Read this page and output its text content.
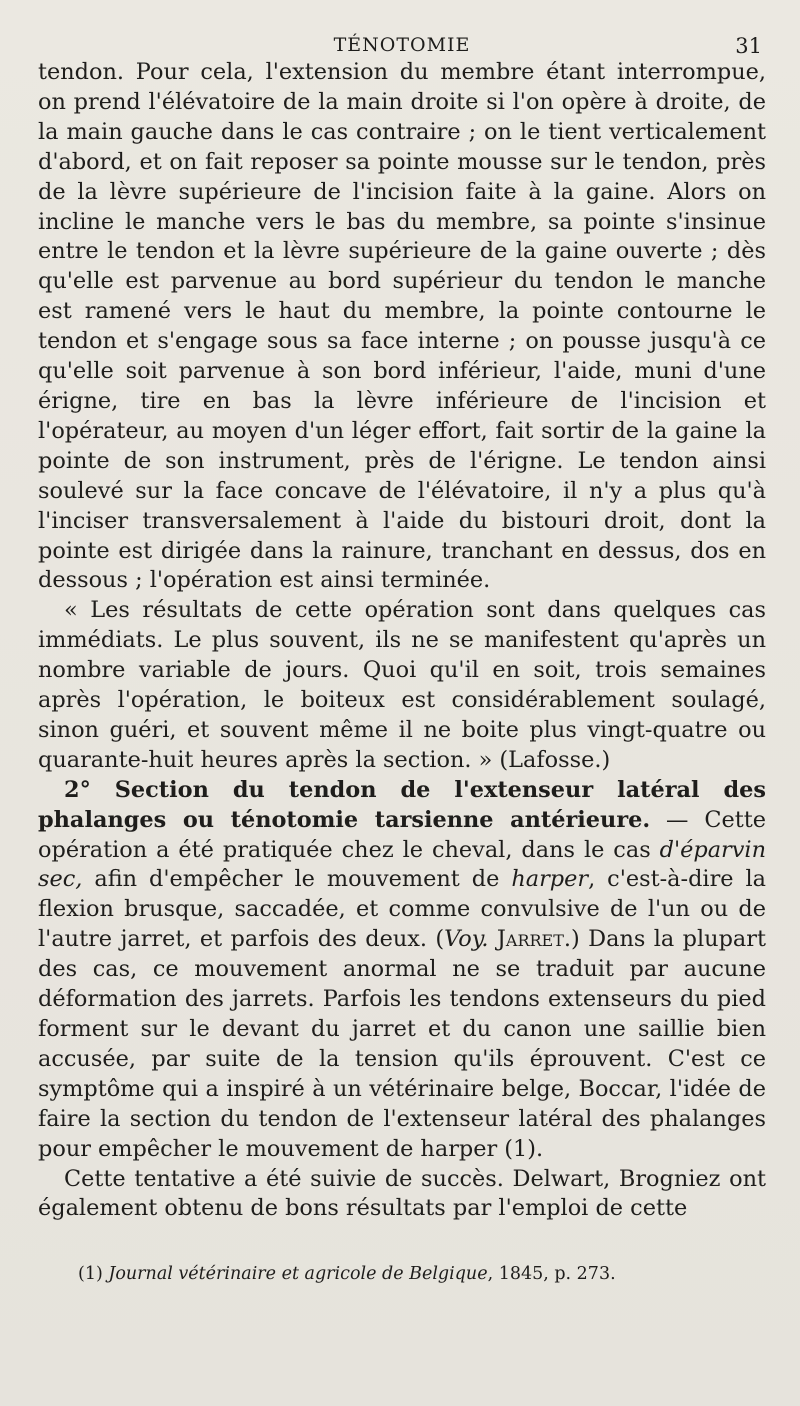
TÉNOTOMIE	31

tendon. Pour cela, l'extension du membre étant interrompue, on prend l'élévatoire de la main droite si l'on opère à droite, de la main gauche dans le cas contraire ; on le tient verticalement d'abord, et on fait reposer sa pointe mousse sur le tendon, près de la lèvre supérieure de l'incision faite à la gaine. Alors on incline le manche vers le bas du membre, sa pointe s'insinue entre le tendon et la lèvre supérieure de la gaine ouverte ; dès qu'elle est parvenue au bord supérieur du tendon le manche est ramené vers le haut du membre, la pointe contourne le tendon et s'engage sous sa face interne ; on pousse jusqu'à ce qu'elle soit parvenue à son bord inférieur, l'aide, muni d'une érigne, tire en bas la lèvre inférieure de l'incision et l'opérateur, au moyen d'un léger effort, fait sortir de la gaine la pointe de son instrument, près de l'érigne. Le tendon ainsi soulevé sur la face concave de l'élévatoire, il n'y a plus qu'à l'inciser transversalement à l'aide du bistouri droit, dont la pointe est dirigée dans la rainure, tranchant en dessus, dos en dessous ; l'opération est ainsi terminée.

« Les résultats de cette opération sont dans quelques cas immédiats. Le plus souvent, ils ne se manifestent qu'après un nombre variable de jours. Quoi qu'il en soit, trois semaines après l'opération, le boiteux est considérablement soulagé, sinon guéri, et souvent même il ne boite plus vingt-quatre ou quarante-huit heures après la section. » (Lafosse.)

2° Section du tendon de l'extenseur latéral des phalanges ou ténotomie tarsienne antérieure. — Cette opération a été pratiquée chez le cheval, dans le cas d'éparvin sec, afin d'empêcher le mouvement de harper, c'est-à-dire la flexion brusque, saccadée, et comme convulsive de l'un ou de l'autre jarret, et parfois des deux. (Voy. Jarret.) Dans la plupart des cas, ce mouvement anormal ne se traduit par aucune déformation des jarrets. Parfois les tendons extenseurs du pied forment sur le devant du jarret et du canon une saillie bien accusée, par suite de la tension qu'ils éprouvent. C'est ce symptôme qui a inspiré à un vétérinaire belge, Boccar, l'idée de faire la section du tendon de l'extenseur latéral des phalanges pour empêcher le mouvement de harper (1).

Cette tentative a été suivie de succès. Delwart, Brogniez ont également obtenu de bons résultats par l'emploi de cette

(1) Journal vétérinaire et agricole de Belgique, 1845, p. 273.
